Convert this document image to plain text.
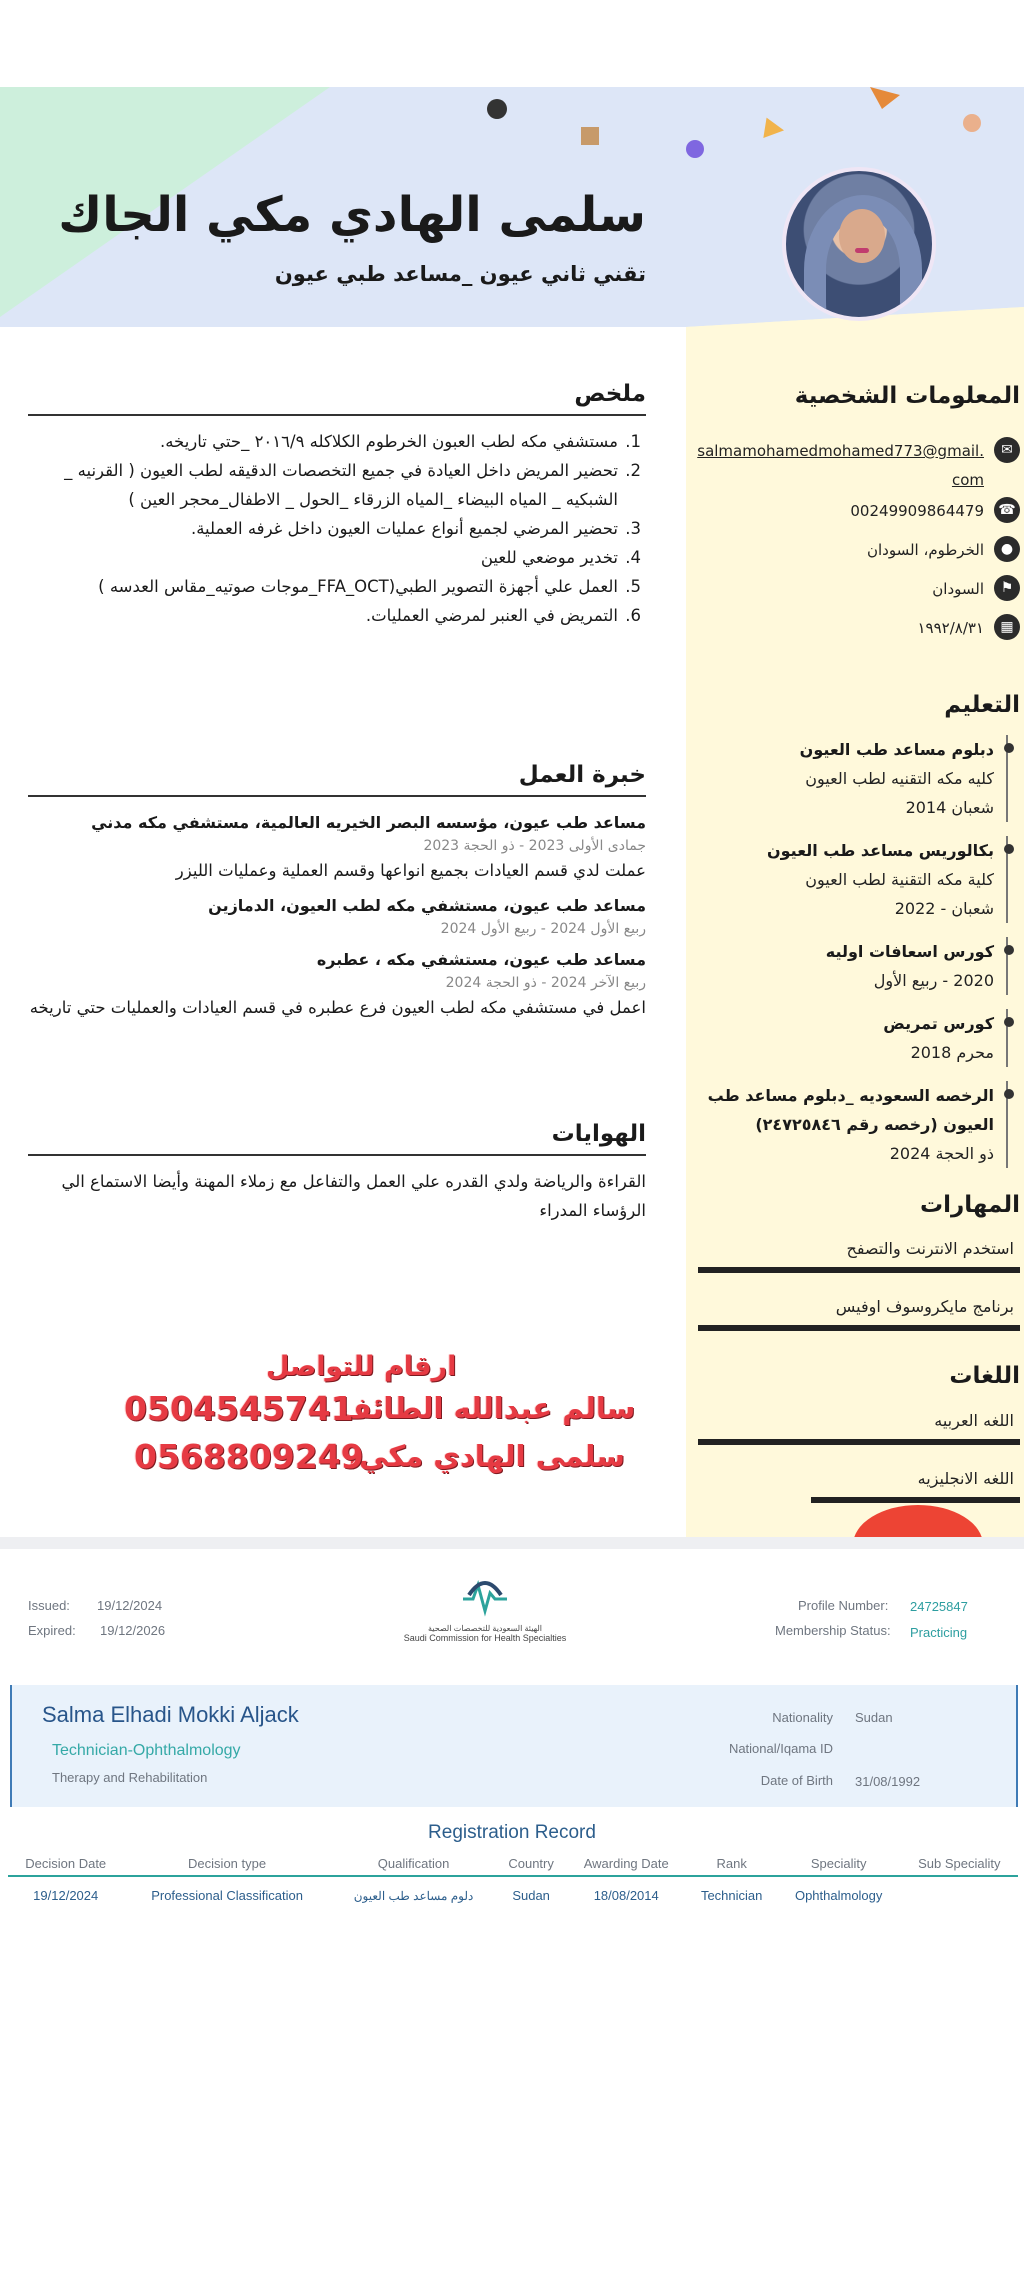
سلمى الهادي مكي الجاك
تقني ثاني عيون _مساعد طبي عيون
ملخص
1. مستشفي مكه لطب العبون الخرطوم الكلاكله ٢٠١٦/٩ _حتي تاريخه.
2. تحضير المريض داخل العيادة في جميع التخصصات الدقيقه لطب العيون ( القرنيه _ الشبكيه _ المياه البيضاء _المياه الزرقاء _الحول _ الاطفال_محجر العين )
3. تحضير المرضي لجميع أنواع عمليات العيون داخل غرفه العملية.
4. تخدير موضعي للعين
5. العمل علي أجهزة التصوير الطبي(FFA_OCT_موجات صوتيه_مقاس العدسه )
6. التمريض في العنبر لمرضي العمليات.
خبرة العمل
مساعد طب عيون، مؤسسه البصر الخيريه العالمية، مستشفي مكه مدني
جمادى الأولى 2023 - ذو الحجة 2023
عملت لدي قسم العيادات بجميع انواعها وقسم العملية وعمليات الليزر
مساعد طب عيون، مستشفي مكه لطب العيون، الدمازين
ربيع الأول 2024 - ربيع الأول 2024
مساعد طب عيون، مستشفي مكه ، عطبره
ربيع الآخر 2024 - ذو الحجة 2024
اعمل في مستشفي مكه لطب العيون فرع عطبره في قسم العيادات والعمليات حتي تاريخه
الهوايات
القراءة والرياضة ولدي القدره علي العمل والتفاعل مع زملاء المهنة وأيضا الاستماع الي الرؤساء المدراء
ارقام للتواصل
سالم عبدالله الطائف
0504545741
سلمى الهادي مكي.
0568809249
المعلومات الشخصية
✉
salmamohamedmohamed773@gmail.com
☎
00249909864479
●
الخرطوم، السودان
⚑
السودان
▦
١٩٩٢/٨/٣١
التعليم
دبلوم مساعد طب العيون
كليه مكه التقنيه لطب العيون
شعبان 2014
بكالوريس مساعد طب العيون
كلية مكه التقنية لطب العيون
شعبان - 2022
كورس اسعافات اوليه
2020 - ربيع الأول
كورس تمريض
محرم 2018
الرخصه السعوديه _دبلوم مساعد طب العيون (رخصه رقم ٢٤٧٢٥٨٤٦)
ذو الحجة 2024
المهارات
استخدم الانترنت والتصفح
برنامج مايكروسوف اوفيس
اللغات
اللغه العربيه
اللغه الانجليزيه
Issued: 19/12/2024
Expired: 19/12/2026	الهيئة السعودية للتخصصات الصحية
Saudi Commission for Health Specialties
Profile Number: 24725847
Membership Status: Practicing
Salma Elhadi Mokki Aljack
Technician-Ophthalmology
Therapy and Rehabilitation
Nationality Sudan
National/Iqama ID
Date of Birth 31/08/1992
Registration Record
Decision Date	Decision type	Qualification	Country	Awarding Date	Rank	Speciality	Sub Speciality
19/12/2024	Professional Classification	دلوم مساعد طب العيون	Sudan	18/08/2014	Technician	Ophthalmology	
